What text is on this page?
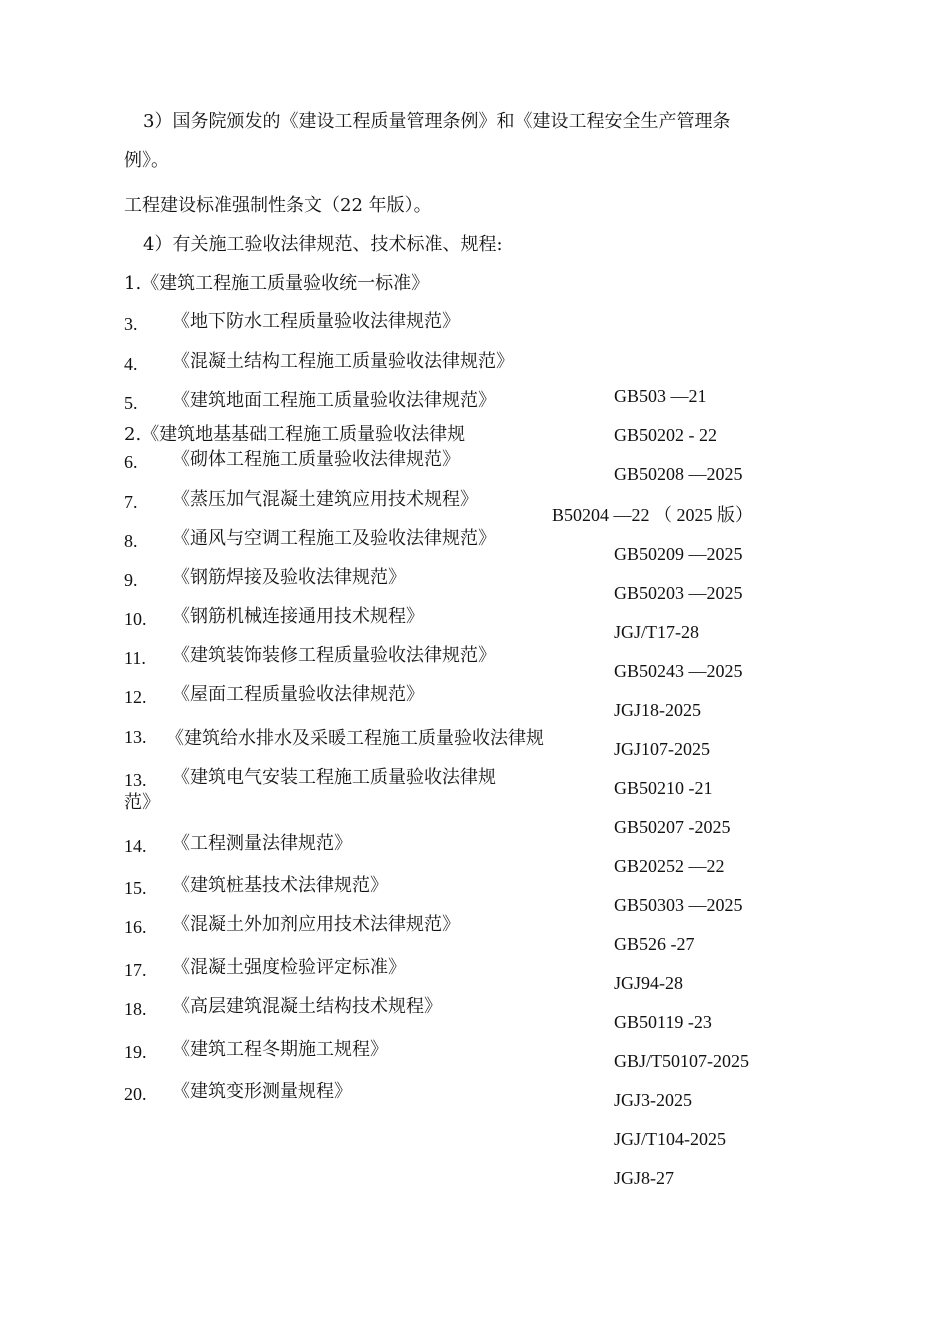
3）国务院颁发的《建设工程质量管理条例》和《建设工程安全生产管理条
例》。
工程建设标准强制性条文（22 年版）。
4）有关施工验收法律规范、技术标准、规程:
1.《建筑工程施工质量验收统一标准》
3. 《地下防水工程质量验收法律规范》
4. 《混凝土结构工程施工质量验收法律规范》
5. 《建筑地面工程施工质量验收法律规范》
2.《建筑地基基础工程施工质量验收法律规
6. 《砌体工程施工质量验收法律规范》
7. 《蒸压加气混凝土建筑应用技术规程》
8. 《通风与空调工程施工及验收法律规范》
9. 《钢筋焊接及验收法律规范》
10. 《钢筋机械连接通用技术规程》
11. 《建筑装饰装修工程质量验收法律规范》
12. 《屋面工程质量验收法律规范》
13. 《建筑给水排水及采暖工程施工质量验收法律规
13. 《建筑电气安装工程施工质量验收法律规
范》
14. 《工程测量法律规范》
15. 《建筑桩基技术法律规范》
16. 《混凝土外加剂应用技术法律规范》
17. 《混凝土强度检验评定标准》
18. 《高层建筑混凝土结构技术规程》
19. 《建筑工程冬期施工规程》
20. 《建筑变形测量规程》
GB503 —21
GB50202 - 22
GB50208 —2025
B50204 —22 （ 2025 版）
GB50209 —2025
GB50203 —2025
JGJ/T17-28
GB50243 —2025
JGJ18-2025
JGJ107-2025
GB50210 -21
GB50207 -2025
GB20252 —22
GB50303 —2025
GB526 -27
JGJ94-28
GB50119 -23
GBJ/T50107-2025
JGJ3-2025
JGJ/T104-2025
JGJ8-27
